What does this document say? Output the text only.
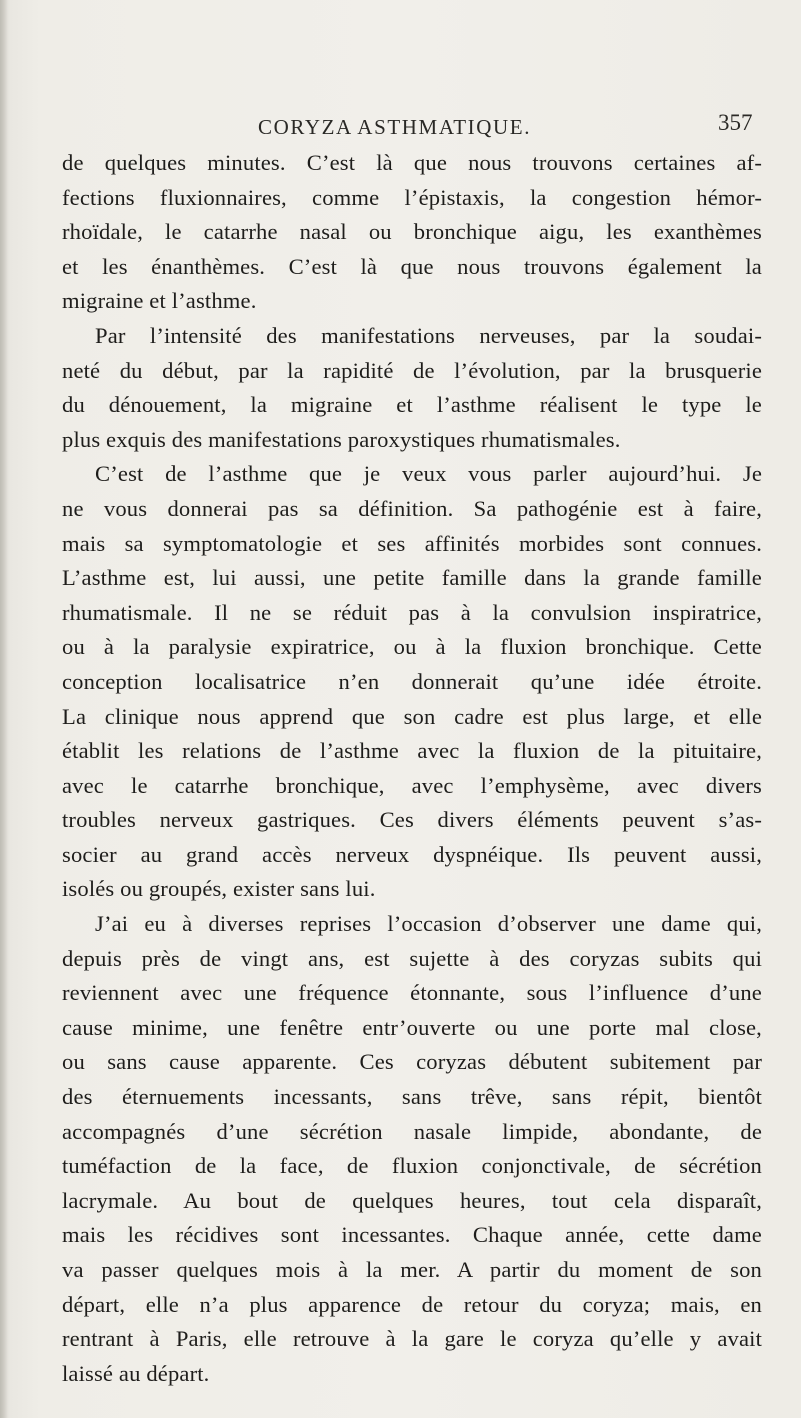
CORYZA ASTHMATIQUE.	357
de quelques minutes. C’est là que nous trouvons certaines af-
fections fluxionnaires, comme l’épistaxis, la congestion hémor-
rhoïdale, le catarrhe nasal ou bronchique aigu, les exanthèmes
et les énanthèmes. C’est là que nous trouvons également la
migraine et l’asthme.
Par l’intensité des manifestations nerveuses, par la soudai-
neté du début, par la rapidité de l’évolution, par la brusquerie
du dénouement, la migraine et l’asthme réalisent le type le
plus exquis des manifestations paroxystiques rhumatismales.
C’est de l’asthme que je veux vous parler aujourd’hui. Je
ne vous donnerai pas sa définition. Sa pathogénie est à faire,
mais sa symptomatologie et ses affinités morbides sont connues.
L’asthme est, lui aussi, une petite famille dans la grande famille
rhumatismale. Il ne se réduit pas à la convulsion inspiratrice,
ou à la paralysie expiratrice, ou à la fluxion bronchique. Cette
conception localisatrice n’en donnerait qu’une idée étroite.
La clinique nous apprend que son cadre est plus large, et elle
établit les relations de l’asthme avec la fluxion de la pituitaire,
avec le catarrhe bronchique, avec l’emphysème, avec divers
troubles nerveux gastriques. Ces divers éléments peuvent s’as-
socier au grand accès nerveux dyspnéique. Ils peuvent aussi,
isolés ou groupés, exister sans lui.
J’ai eu à diverses reprises l’occasion d’observer une dame qui,
depuis près de vingt ans, est sujette à des coryzas subits qui
reviennent avec une fréquence étonnante, sous l’influence d’une
cause minime, une fenêtre entr’ouverte ou une porte mal close,
ou sans cause apparente. Ces coryzas débutent subitement par
des éternuements incessants, sans trêve, sans répit, bientôt
accompagnés d’une sécrétion nasale limpide, abondante, de
tuméfaction de la face, de fluxion conjonctivale, de sécrétion
lacrymale. Au bout de quelques heures, tout cela disparaît,
mais les récidives sont incessantes. Chaque année, cette dame
va passer quelques mois à la mer. A partir du moment de son
départ, elle n’a plus apparence de retour du coryza; mais, en
rentrant à Paris, elle retrouve à la gare le coryza qu’elle y avait
laissé au départ.
